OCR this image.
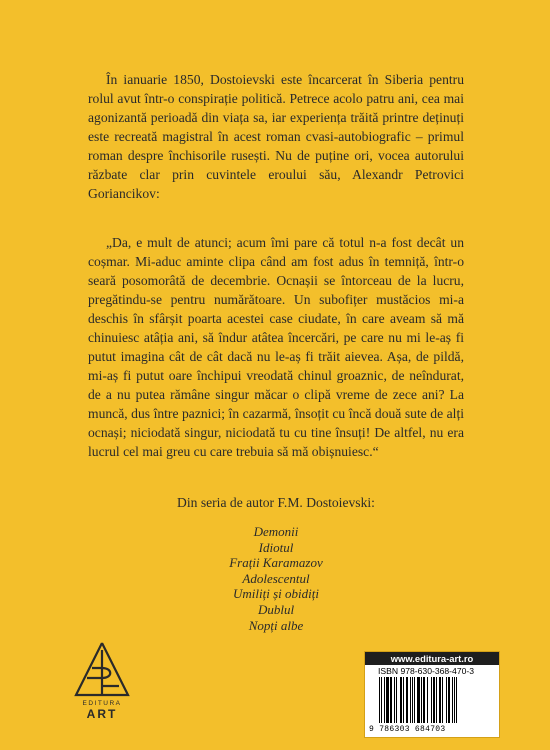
În ianuarie 1850, Dostoievski este încarcerat în Siberia pentru rolul avut într-o conspirație politică. Petrece acolo patru ani, cea mai agonizantă perioadă din viața sa, iar experiența trăită printre deținuți este recreată magistral în acest roman cvasi-autobiografic – primul roman despre închisorile rusești. Nu de puține ori, vocea autorului răzbate clar prin cuvintele eroului său, Alexandr Petrovici Goriancikov:

„Da, e mult de atunci; acum îmi pare că totul n-a fost decât un coșmar. Mi-aduc aminte clipa când am fost adus în temniță, într-o seară posomorâtă de decembrie. Ocnașii se întorceau de la lucru, pregătindu-se pentru numărătoare. Un subofițer mustăcios mi-a deschis în sfârșit poarta acestei case ciudate, în care aveam să mă chinuiesc atâția ani, să îndur atâtea încercări, pe care nu mi le-aș fi putut imagina cât de cât dacă nu le-aș fi trăit aievea. Așa, de pildă, mi-aș fi putut oare închipui vreodată chinul groaznic, de neîndurat, de a nu putea rămâne singur măcar o clipă vreme de zece ani? La muncă, dus între paznici; în cazarmă, însoțit cu încă două sute de alți ocnași; niciodată singur, niciodată tu cu tine însuți! De altfel, nu era lucrul cel mai greu cu care trebuia să mă obișnuiesc.“

Din seria de autor F.M. Dostoievski:
Demonii
Idiotul
Frații Karamazov
Adolescentul
Umiliți și obidiți
Dublul
Nopți albe
EDITURA
ART
www.editura-art.ro
ISBN 978-630-368-470-3
9 786303 684703
